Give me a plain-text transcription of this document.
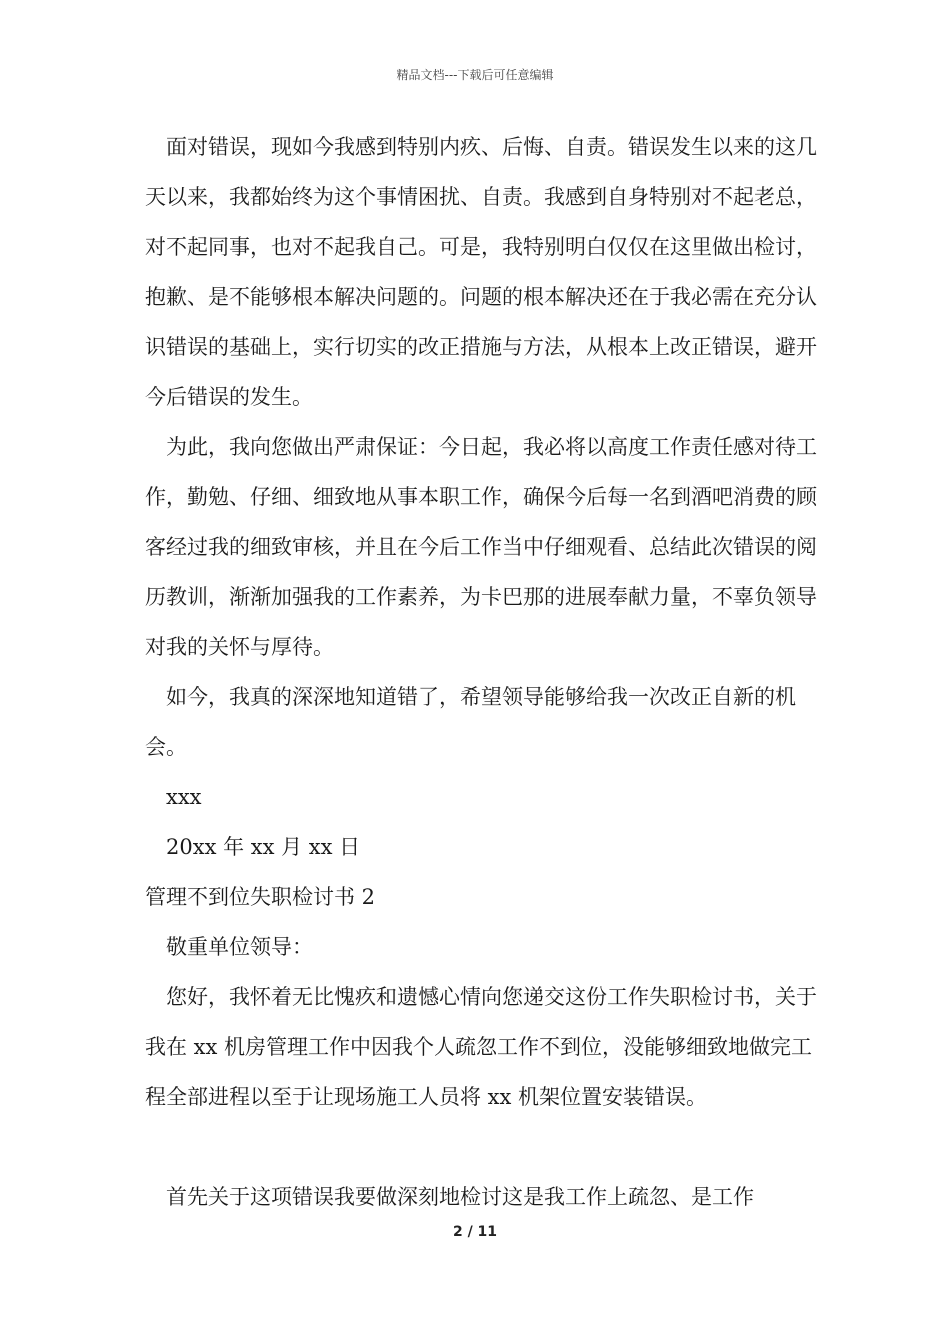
精品文档---下载后可任意编辑

面对错误，现如今我感到特别内疚、后悔、自责。错误发生以来的这几天以来，我都始终为这个事情困扰、自责。我感到自身特别对不起老总，对不起同事，也对不起我自己。可是，我特别明白仅仅在这里做出检讨，抱歉、是不能够根本解决问题的。问题的根本解决还在于我必需在充分认识错误的基础上，实行切实的改正措施与方法，从根本上改正错误，避开今后错误的发生。

为此，我向您做出严肃保证：今日起，我必将以高度工作责任感对待工作，勤勉、仔细、细致地从事本职工作，确保今后每一名到酒吧消费的顾客经过我的细致审核，并且在今后工作当中仔细观看、总结此次错误的阅历教训，渐渐加强我的工作素养，为卡巴那的进展奉献力量，不辜负领导对我的关怀与厚待。

如今，我真的深深地知道错了，希望领导能够给我一次改正自新的机会。

xxx

20xx 年 xx 月 xx 日

管理不到位失职检讨书 2

敬重单位领导：

您好，我怀着无比愧疚和遗憾心情向您递交这份工作失职检讨书，关于我在 xx 机房管理工作中因我个人疏忽工作不到位，没能够细致地做完工程全部进程以至于让现场施工人员将 xx 机架位置安装错误。

首先关于这项错误我要做深刻地检讨这是我工作上疏忽、是工作

2 / 11
